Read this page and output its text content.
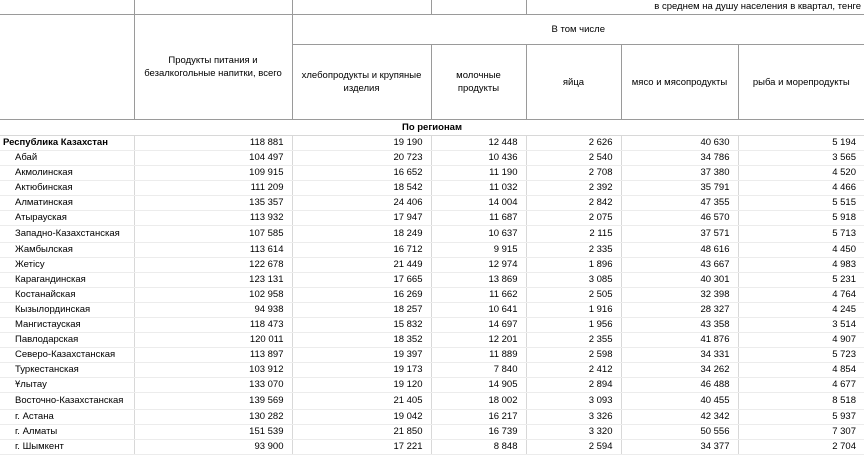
				в среднем на душу населения в квартал, тенге		
	Продукты питания и безалкогольные напитки, всего	В том числе				
		хлебопродукты и крупяные изделия	молочные продукты	яйца	мясо и мясопродукты	рыба и морепродукты
По регионам						
Республика Казахстан	118 881	19 190	12 448	2 626	40 630	5 194
Абай	104 497	20 723	10 436	2 540	34 786	3 565
Акмолинская	109 915	16 652	11 190	2 708	37 380	4 520
Актюбинская	111 209	18 542	11 032	2 392	35 791	4 466
Алматинская	135 357	24 406	14 004	2 842	47 355	5 515
Атырауская	113 932	17 947	11 687	2 075	46 570	5 918
Западно-Казахстанская	107 585	18 249	10 637	2 115	37 571	5 713
Жамбылская	113 614	16 712	9 915	2 335	48 616	4 450
Жетісу	122 678	21 449	12 974	1 896	43 667	4 983
Карагандинская	123 131	17 665	13 869	3 085	40 301	5 231
Костанайская	102 958	16 269	11 662	2 505	32 398	4 764
Кызылординская	94 938	18 257	10 641	1 916	28 327	4 245
Мангистауская	118 473	15 832	14 697	1 956	43 358	3 514
Павлодарская	120 011	18 352	12 201	2 355	41 876	4 907
Северо-Казахстанская	113 897	19 397	11 889	2 598	34 331	5 723
Туркестанская	103 912	19 173	7 840	2 412	34 262	4 854
Ұлытау	133 070	19 120	14 905	2 894	46 488	4 677
Восточно-Казахстанская	139 569	21 405	18 002	3 093	40 455	8 518
г. Астана	130 282	19 042	16 217	3 326	42 342	5 937
г. Алматы	151 539	21 850	16 739	3 320	50 556	7 307
г. Шымкент	93 900	17 221	8 848	2 594	34 377	2 704
